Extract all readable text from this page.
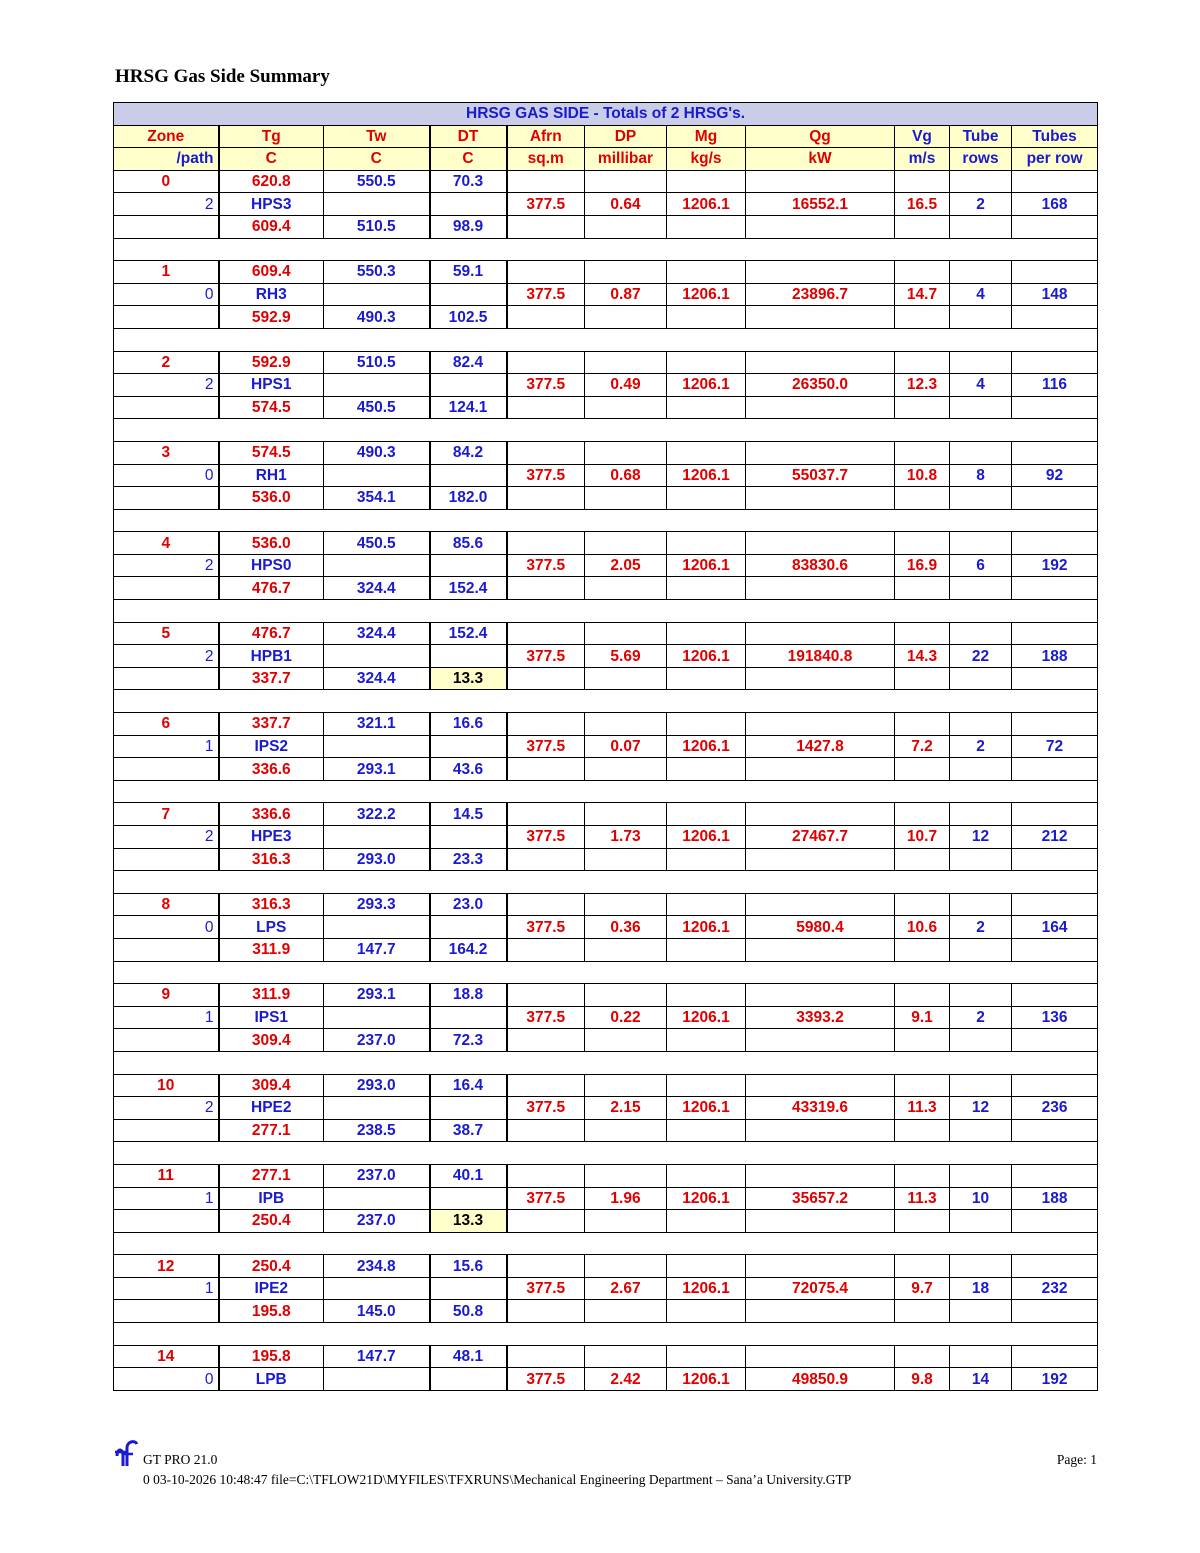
HRSG Gas Side Summary
HRSG GAS SIDE - Totals of 2 HRSG's.										
Zone	Tg	Tw	DT	Afrn	DP	Mg	Qg	Vg	Tube	Tubes
/path	C	C	C	sq.m	millibar	kg/s	kW	m/s	rows	per row
0	620.8	550.5	70.3							
2	HPS3			377.5	0.64	1206.1	16552.1	16.5	2	168
	609.4	510.5	98.9							

1	609.4	550.3	59.1							
0	RH3			377.5	0.87	1206.1	23896.7	14.7	4	148
	592.9	490.3	102.5							

2	592.9	510.5	82.4							
2	HPS1			377.5	0.49	1206.1	26350.0	12.3	4	116
	574.5	450.5	124.1							

3	574.5	490.3	84.2							
0	RH1			377.5	0.68	1206.1	55037.7	10.8	8	92
	536.0	354.1	182.0							

4	536.0	450.5	85.6							
2	HPS0			377.5	2.05	1206.1	83830.6	16.9	6	192
	476.7	324.4	152.4							

5	476.7	324.4	152.4							
2	HPB1			377.5	5.69	1206.1	191840.8	14.3	22	188
	337.7	324.4	13.3							

6	337.7	321.1	16.6							
1	IPS2			377.5	0.07	1206.1	1427.8	7.2	2	72
	336.6	293.1	43.6							

7	336.6	322.2	14.5							
2	HPE3			377.5	1.73	1206.1	27467.7	10.7	12	212
	316.3	293.0	23.3							

8	316.3	293.3	23.0							
0	LPS			377.5	0.36	1206.1	5980.4	10.6	2	164
	311.9	147.7	164.2							

9	311.9	293.1	18.8							
1	IPS1			377.5	0.22	1206.1	3393.2	9.1	2	136
	309.4	237.0	72.3							

10	309.4	293.0	16.4							
2	HPE2			377.5	2.15	1206.1	43319.6	11.3	12	236
	277.1	238.5	38.7							

11	277.1	237.0	40.1							
1	IPB			377.5	1.96	1206.1	35657.2	11.3	10	188
	250.4	237.0	13.3							

12	250.4	234.8	15.6							
1	IPE2			377.5	2.67	1206.1	72075.4	9.7	18	232
	195.8	145.0	50.8							

14	195.8	147.7	48.1							
0	LPB			377.5	2.42	1206.1	49850.9	9.8	14	192
GT PRO 21.0	Page: 1
0 03-10-2026 10:48:47 file=C:\TFLOW21D\MYFILES\TFXRUNS\Mechanical Engineering Department – Sana’a University.GTP
